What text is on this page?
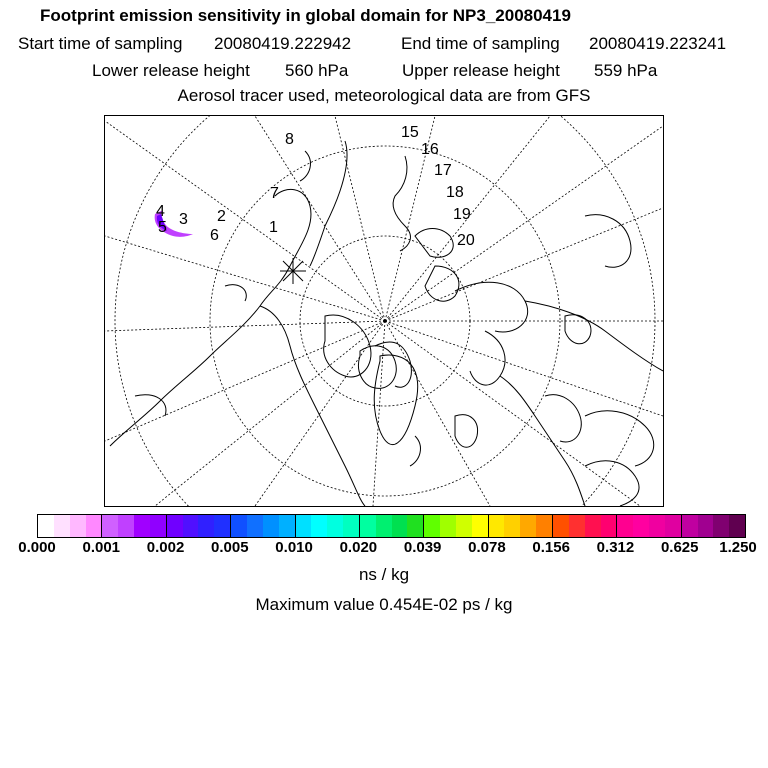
Footprint emission sensitivity in global domain for NP3_20080419
Start time of sampling 20080419.222942	End time of sampling 20080419.223241
Lower release height 560 hPa	Upper release height 559 hPa
Aerosol tracer used, meteorological data are from GFS
1
2
3
4
5	6
7
8	15
16
17
18
19
20
ns / kg
Maximum value 0.454E-02 ps / kg
0.000 0.001 0.002 0.005 0.010 0.020 0.039 0.078 0.156 0.312 0.625 1.250
